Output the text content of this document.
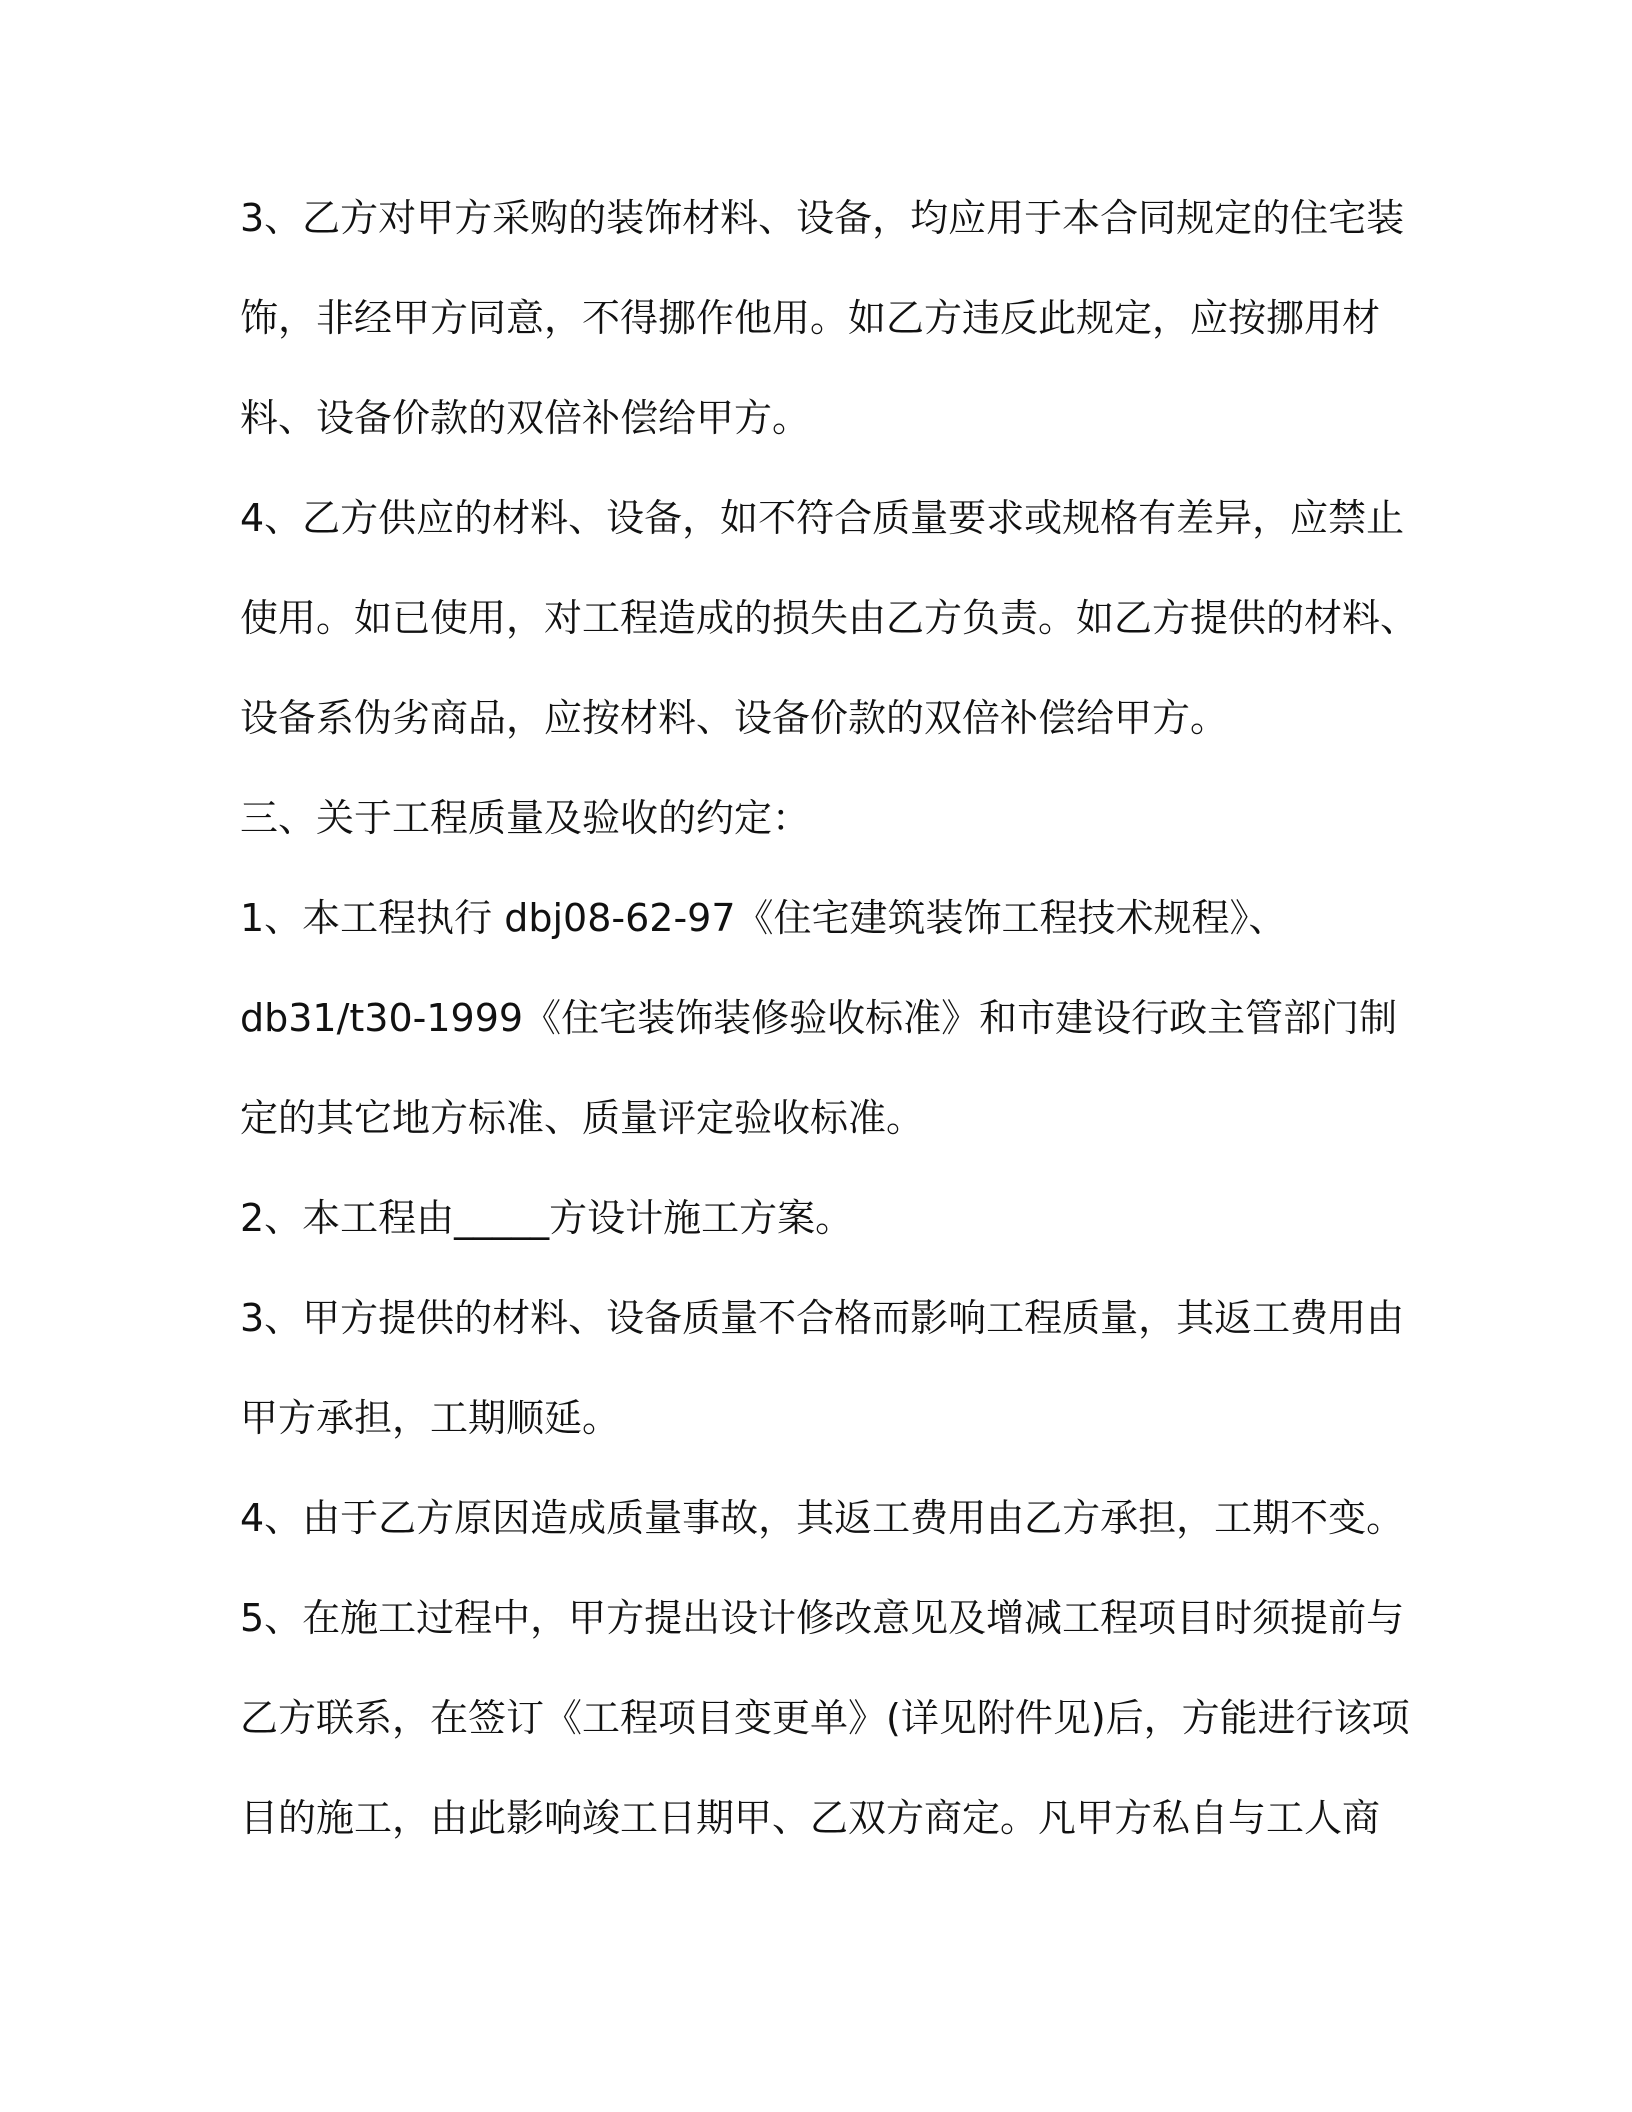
3、乙方对甲方采购的装饰材料、设备，均应用于本合同规定的住宅装
饰，非经甲方同意，不得挪作他用。如乙方违反此规定，应按挪用材
料、设备价款的双倍补偿给甲方。
4、乙方供应的材料、设备，如不符合质量要求或规格有差异，应禁止
使用。如已使用，对工程造成的损失由乙方负责。如乙方提供的材料、
设备系伪劣商品，应按材料、设备价款的双倍补偿给甲方。
三、关于工程质量及验收的约定：
1、本工程执行 dbj08-62-97《住宅建筑装饰工程技术规程》、
db31/t30-1999《住宅装饰装修验收标准》和市建设行政主管部门制
定的其它地方标准、质量评定验收标准。
2、本工程由_____方设计施工方案。
3、甲方提供的材料、设备质量不合格而影响工程质量，其返工费用由
甲方承担，工期顺延。
4、由于乙方原因造成质量事故，其返工费用由乙方承担，工期不变。
5、在施工过程中，甲方提出设计修改意见及增减工程项目时须提前与
乙方联系，在签订《工程项目变更单》(详见附件见)后，方能进行该项
目的施工，由此影响竣工日期甲、乙双方商定。凡甲方私自与工人商
